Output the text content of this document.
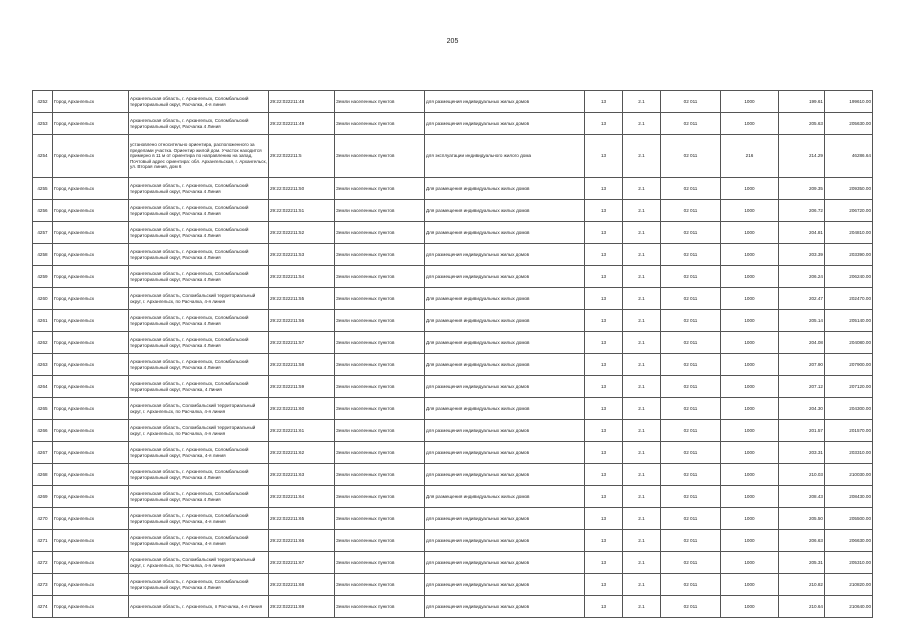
205
4252	Город Архангельск	Архангельская область, г. Архангельск, Соломбальский территориальный округ, Расчалка, 4-я линия	29:22:022211:48	Земли населенных пунктов	для размещения индивидуальных жилых домов	13	2.1	02 011	1000	199.61	199610.00
4253	Город Архангельск	Архангельская область, г. Архангельск, Соломбальский территориальный округ, Расчалка 4 Линия	29:22:022211:49	Земли населенных пунктов	для размещения индивидуальных жилых домов	13	2.1	02 011	1000	205.63	205630.00
4254	Город Архангельск	установлено относительно ориентира, расположенного за пределами участка. Ориентир жилой дом. Участок находится примерно в 11 м от ориентира по направлению на запад. Почтовый адрес ориентира: обл. Архангельская, г. Архангельск, ул. Вторая линия, дом 6	29:22:022211:5	Земли населенных пунктов	для эксплуатации индивидуального жилого дома	13	2.1	02 011	216	214.29	46286.64
4255	Город Архангельск	Архангельская область, г. Архангельск, Соломбальский территориальный округ, Расчалка 4 Линия	29:22:022211:50	Земли населенных пунктов	Для размещения индивидуальных жилых домов	13	2.1	02 011	1000	209.35	209350.00
4256	Город Архангельск	Архангельская область, г. Архангельск, Соломбальский территориальный округ, Расчалка 4 Линия	29:22:022211:51	Земли населенных пунктов	Для размещения индивидуальных жилых домов	13	2.1	02 011	1000	206.72	206720.00
4257	Город Архангельск	Архангельская область, г. Архангельск, Соломбальский территориальный округ, Расчалка 4 Линия	29:22:022211:52	Земли населенных пунктов	Для размещения индивидуальных жилых домов	13	2.1	02 011	1000	204.81	204810.00
4258	Город Архангельск	Архангельская область, г. Архангельск, Соломбальский территориальный округ, Расчалка 4 Линия	29:22:022211:53	Земли населенных пунктов	для размещения индивидуальных жилых домов	13	2.1	02 011	1000	203.39	203390.00
4259	Город Архангельск	Архангельская область, г. Архангельск, Соломбальский территориальный округ, Расчалка 4 Линия	29:22:022211:54	Земли населенных пунктов	для размещения индивидуальных жилых домов	13	2.1	02 011	1000	206.24	206240.00
4260	Город Архангельск	Архангельская область, Соломбальский территориальный округ, г. Архангельск, по Расчалка, 4-я линия	29:22:022211:55	Земли населенных пунктов	Для размещения индивидуальных жилых домов	13	2.1	02 011	1000	202.47	202470.00
4261	Город Архангельск	Архангельская область, г. Архангельск, Соломбальский территориальный округ, Расчалка 4 Линия	29:22:022211:56	Земли населенных пунктов	Для размещения индивидуальных жилых домов	13	2.1	02 011	1000	205.14	205140.00
4262	Город Архангельск	Архангельская область, г. Архангельск, Соломбальский территориальный округ, Расчалка 4 Линия	29:22:022211:57	Земли населенных пунктов	Для размещения индивидуальных жилых домов	13	2.1	02 011	1000	204.08	204080.00
4263	Город Архангельск	Архангельская область, г. Архангельск, Соломбальский территориальный округ, Расчалка 4 Линия	29:22:022211:58	Земли населенных пунктов	Для размещения индивидуальных жилых домов	13	2.1	02 011	1000	207.90	207900.00
4264	Город Архангельск	Архангельская область, г. Архангельск, Соломбальский территориальный округ, Расчалка, 4 Линия	29:22:022211:59	Земли населенных пунктов	для размещения индивидуальных жилых домов	13	2.1	02 011	1000	207.12	207120.00
4265	Город Архангельск	Архангельская область, Соломбальский территориальный округ, г. Архангельск, по Расчалка, 4-я линия	29:22:022211:60	Земли населенных пунктов	Для размещения индивидуальных жилых домов	13	2.1	02 011	1000	204.30	204300.00
4266	Город Архангельск	Архангельская область, Соломбальский территориальный округ, г. Архангельск, по Расчалка, 4-я линия	29:22:022211:61	Земли населенных пунктов	для размещения индивидуальных жилых домов	13	2.1	02 011	1000	201.57	201570.00
4267	Город Архангельск	Архангельская область, г. Архангельск, Соломбальский территориальный округ, Расчалка, 4-я линия	29:22:022211:62	Земли населенных пунктов	для размещения индивидуальных жилых домов	13	2.1	02 011	1000	203.31	203310.00
4268	Город Архангельск	Архангельская область, г. Архангельск, Соломбальский территориальный округ, Расчалка 4 Линия	29:22:022211:63	Земли населенных пунктов	для размещения индивидуальных жилых домов	13	2.1	02 011	1000	210.03	210030.00
4269	Город Архангельск	Архангельская область, г. Архангельск, Соломбальский территориальный округ, Расчалка 4 Линия	29:22:022211:64	Земли населенных пунктов	Для размещения индивидуальных жилых домов	13	2.1	02 011	1000	208.43	208430.00
4270	Город Архангельск	Архангельская область, г. Архангельск, Соломбальский территориальный округ, Расчалка, 4-я линия	29:22:022211:65	Земли населенных пунктов	для размещения индивидуальных жилых домов	13	2.1	02 011	1000	205.50	205500.00
4271	Город Архангельск	Архангельская область, г. Архангельск, Соломбальский территориальный округ, Расчалка, 4-я линия	29:22:022211:66	Земли населенных пунктов	для размещения индивидуальных жилых домов	13	2.1	02 011	1000	206.63	206630.00
4272	Город Архангельск	Архангельская область, Соломбальский территориальный округ, г. Архангельск, по Расчалка, 4-я линия	29:22:022211:67	Земли населенных пунктов	для размещения индивидуальных жилых домов	13	2.1	02 011	1000	205.31	205310.00
4273	Город Архангельск	Архангельская область, г. Архангельск, Соломбальский территориальный округ, Расчалка 4 Линия	29:22:022211:68	Земли населенных пунктов	для размещения индивидуальных жилых домов	13	2.1	02 011	1000	210.82	210820.00
4274	Город Архангельск	Архангельская область, г. Архангельск, п Расчалка, 4-я Линия	29:22:022211:69	Земли населенных пунктов	для размещения индивидуальных жилых домов	13	2.1	02 011	1000	210.64	210640.00
